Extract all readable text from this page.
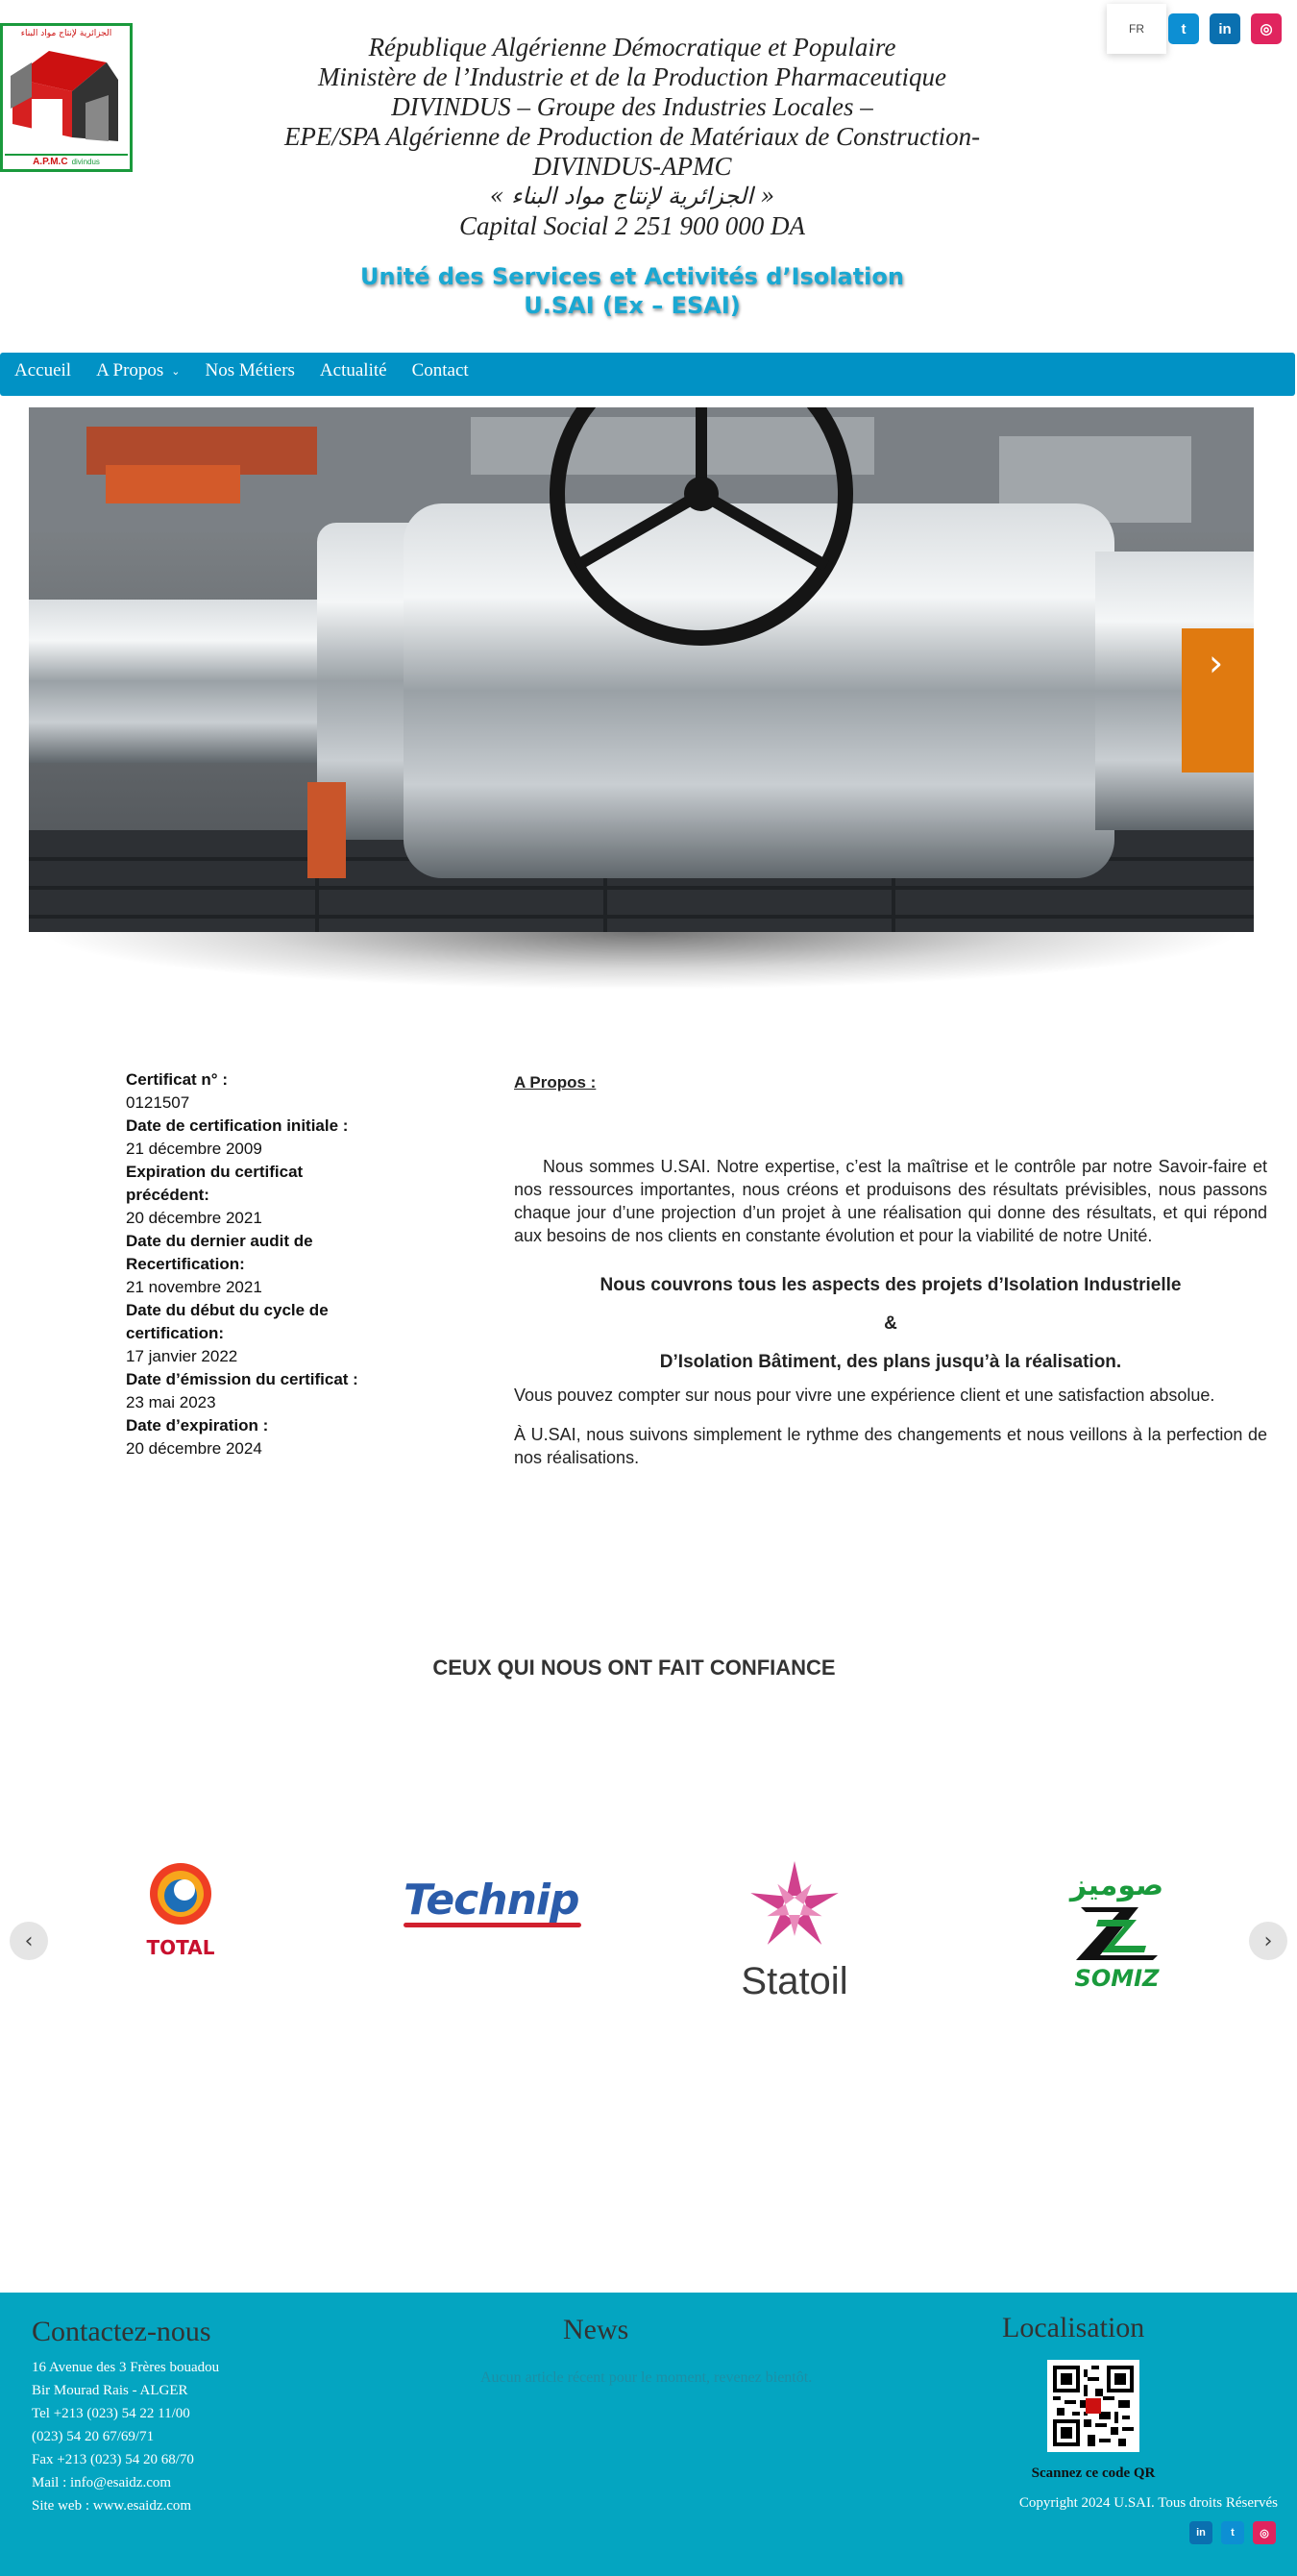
الجزائرية لإنتاج مواد البناء
A.P.M.C divindus
République Algérienne Démocratique et Populaire
Ministère de l’Industrie et de la Production Pharmaceutique
DIVINDUS – Groupe des Industries Locales –
EPE/SPA Algérienne de Production de Matériaux de Construction-
DIVINDUS-APMC
« الجزائرية لإنتاج مواد البناء »
Capital Social 2 251 900 000 DA
Unité des Services et Activités d’Isolation
U.SAI (Ex – ESAI)
FR	t	in	◎
Accueil A Propos ⌄ Nos Métiers Actualité Contact
›
Certificat n° :
0121507
Date de certification initiale :
21 décembre 2009
Expiration du certificat précédent:
20 décembre 2021
Date du dernier audit de Recertification:
21 novembre 2021
Date du début du cycle de certification:
17 janvier 2022
Date d’émission du certificat :
23 mai 2023
Date d’expiration :
20 décembre 2024
A Propos :

Nous sommes U.SAI. Notre expertise, c’est la maîtrise et le contrôle par notre Savoir-faire et nos ressources importantes, nous créons et produisons des résultats prévisibles, nous passons chaque jour d’une projection d’un projet à une réalisation qui donne des résultats, et qui répond aux besoins de nos clients en constante évolution et pour la viabilité de notre Unité.

Nous couvrons tous les aspects des projets d’Isolation Industrielle
&
D’Isolation Bâtiment, des plans jusqu’à la réalisation.

Vous pouvez compter sur nous pour vivre une expérience client et une satisfaction absolue.

À U.SAI, nous suivons simplement le rythme des changements et nous veillons à la perfection de nos réalisations.

CEUX QUI NOUS ONT FAIT CONFIANCE
‹	›
TOTAL
Technip
Statoil
صوميز
SOMIZ
Contactez-nous
16 Avenue des 3 Frères bouadou
Bir Mourad Rais - ALGER
Tel +213 (023) 54 22 11/00
(023) 54 20 67/69/71
Fax +213 (023) 54 20 68/70
Mail : info@esaidz.com
Site web : www.esaidz.com
News
Aucun article récent pour le moment, revenez bientôt.
Localisation
Scannez ce code QR
Copyright 2024 U.SAI. Tous droits Réservés
in	t	◎
